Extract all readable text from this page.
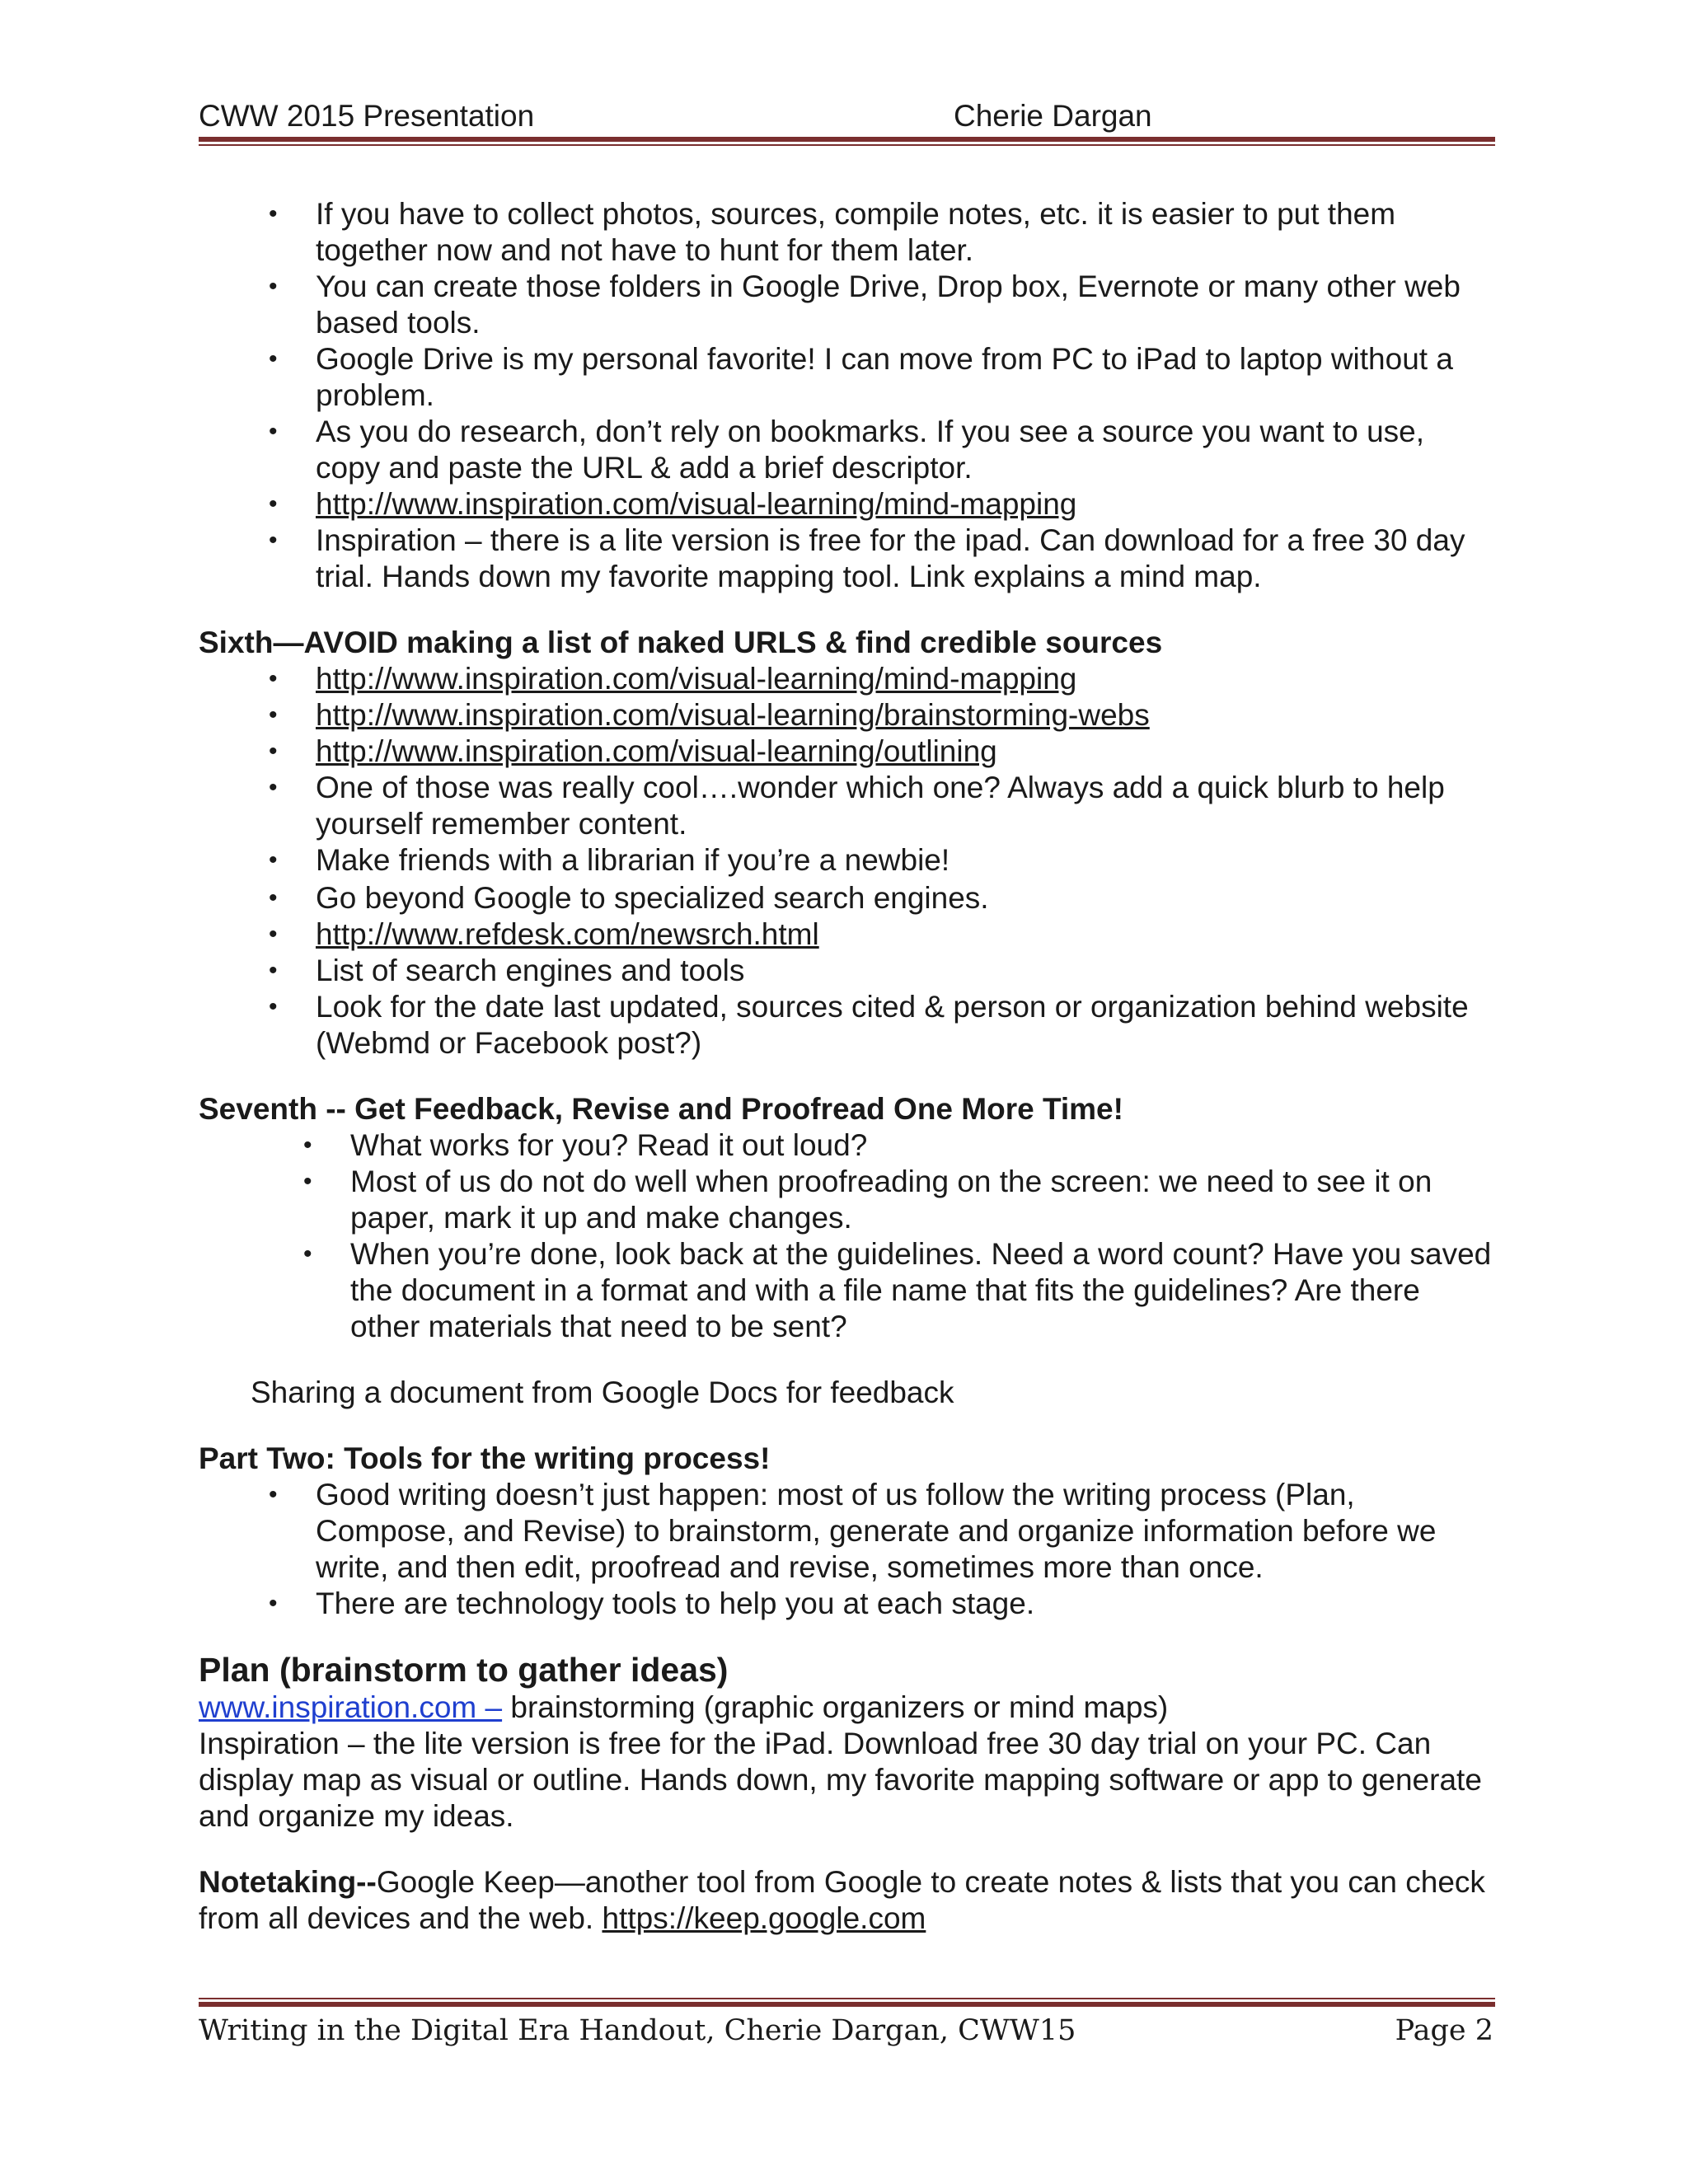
CWW 2015 Presentation	Cherie Dargan
• If you have to collect photos, sources, compile notes, etc. it is easier to put them together now and not have to hunt for them later.
• You can create those folders in Google Drive, Drop box, Evernote or many other web based tools.
• Google Drive is my personal favorite! I can move from PC to iPad to laptop without a problem.
• As you do research, don’t rely on bookmarks. If you see a source you want to use, copy and paste the URL & add a brief descriptor.
• http://www.inspiration.com/visual-learning/mind-mapping
• Inspiration – there is a lite version is free for the ipad. Can download for a free 30 day trial. Hands down my favorite mapping tool. Link explains a mind map.
Sixth—AVOID making a list of naked URLS & find credible sources
• http://www.inspiration.com/visual-learning/mind-mapping
• http://www.inspiration.com/visual-learning/brainstorming-webs
• http://www.inspiration.com/visual-learning/outlining
• One of those was really cool….wonder which one? Always add a quick blurb to help yourself remember content.
• Make friends with a librarian if you’re a newbie!
• Go beyond Google to specialized search engines.
• http://www.refdesk.com/newsrch.html
• List of search engines and tools
• Look for the date last updated, sources cited & person or organization behind website (Webmd or Facebook post?)
Seventh -- Get Feedback, Revise and Proofread One More Time!
• What works for you? Read it out loud?
• Most of us do not do well when proofreading on the screen: we need to see it on paper, mark it up and make changes.
• When you’re done, look back at the guidelines. Need a word count? Have you saved the document in a format and with a file name that fits the guidelines? Are there other materials that need to be sent?
Sharing a document from Google Docs for feedback
Part Two: Tools for the writing process!
• Good writing doesn’t just happen: most of us follow the writing process (Plan, Compose, and Revise) to brainstorm, generate and organize information before we write, and then edit, proofread and revise, sometimes more than once.
• There are technology tools to help you at each stage.
Plan (brainstorm to gather ideas)
www.inspiration.com – brainstorming (graphic organizers or mind maps)
Inspiration – the lite version is free for the iPad. Download free 30 day trial on your PC. Can display map as visual or outline. Hands down, my favorite mapping software or app to generate and organize my ideas.
Notetaking--Google Keep—another tool from Google to create notes & lists that you can check from all devices and the web. https://keep.google.com
Writing in the Digital Era Handout, Cherie Dargan, CWW15	Page 2
